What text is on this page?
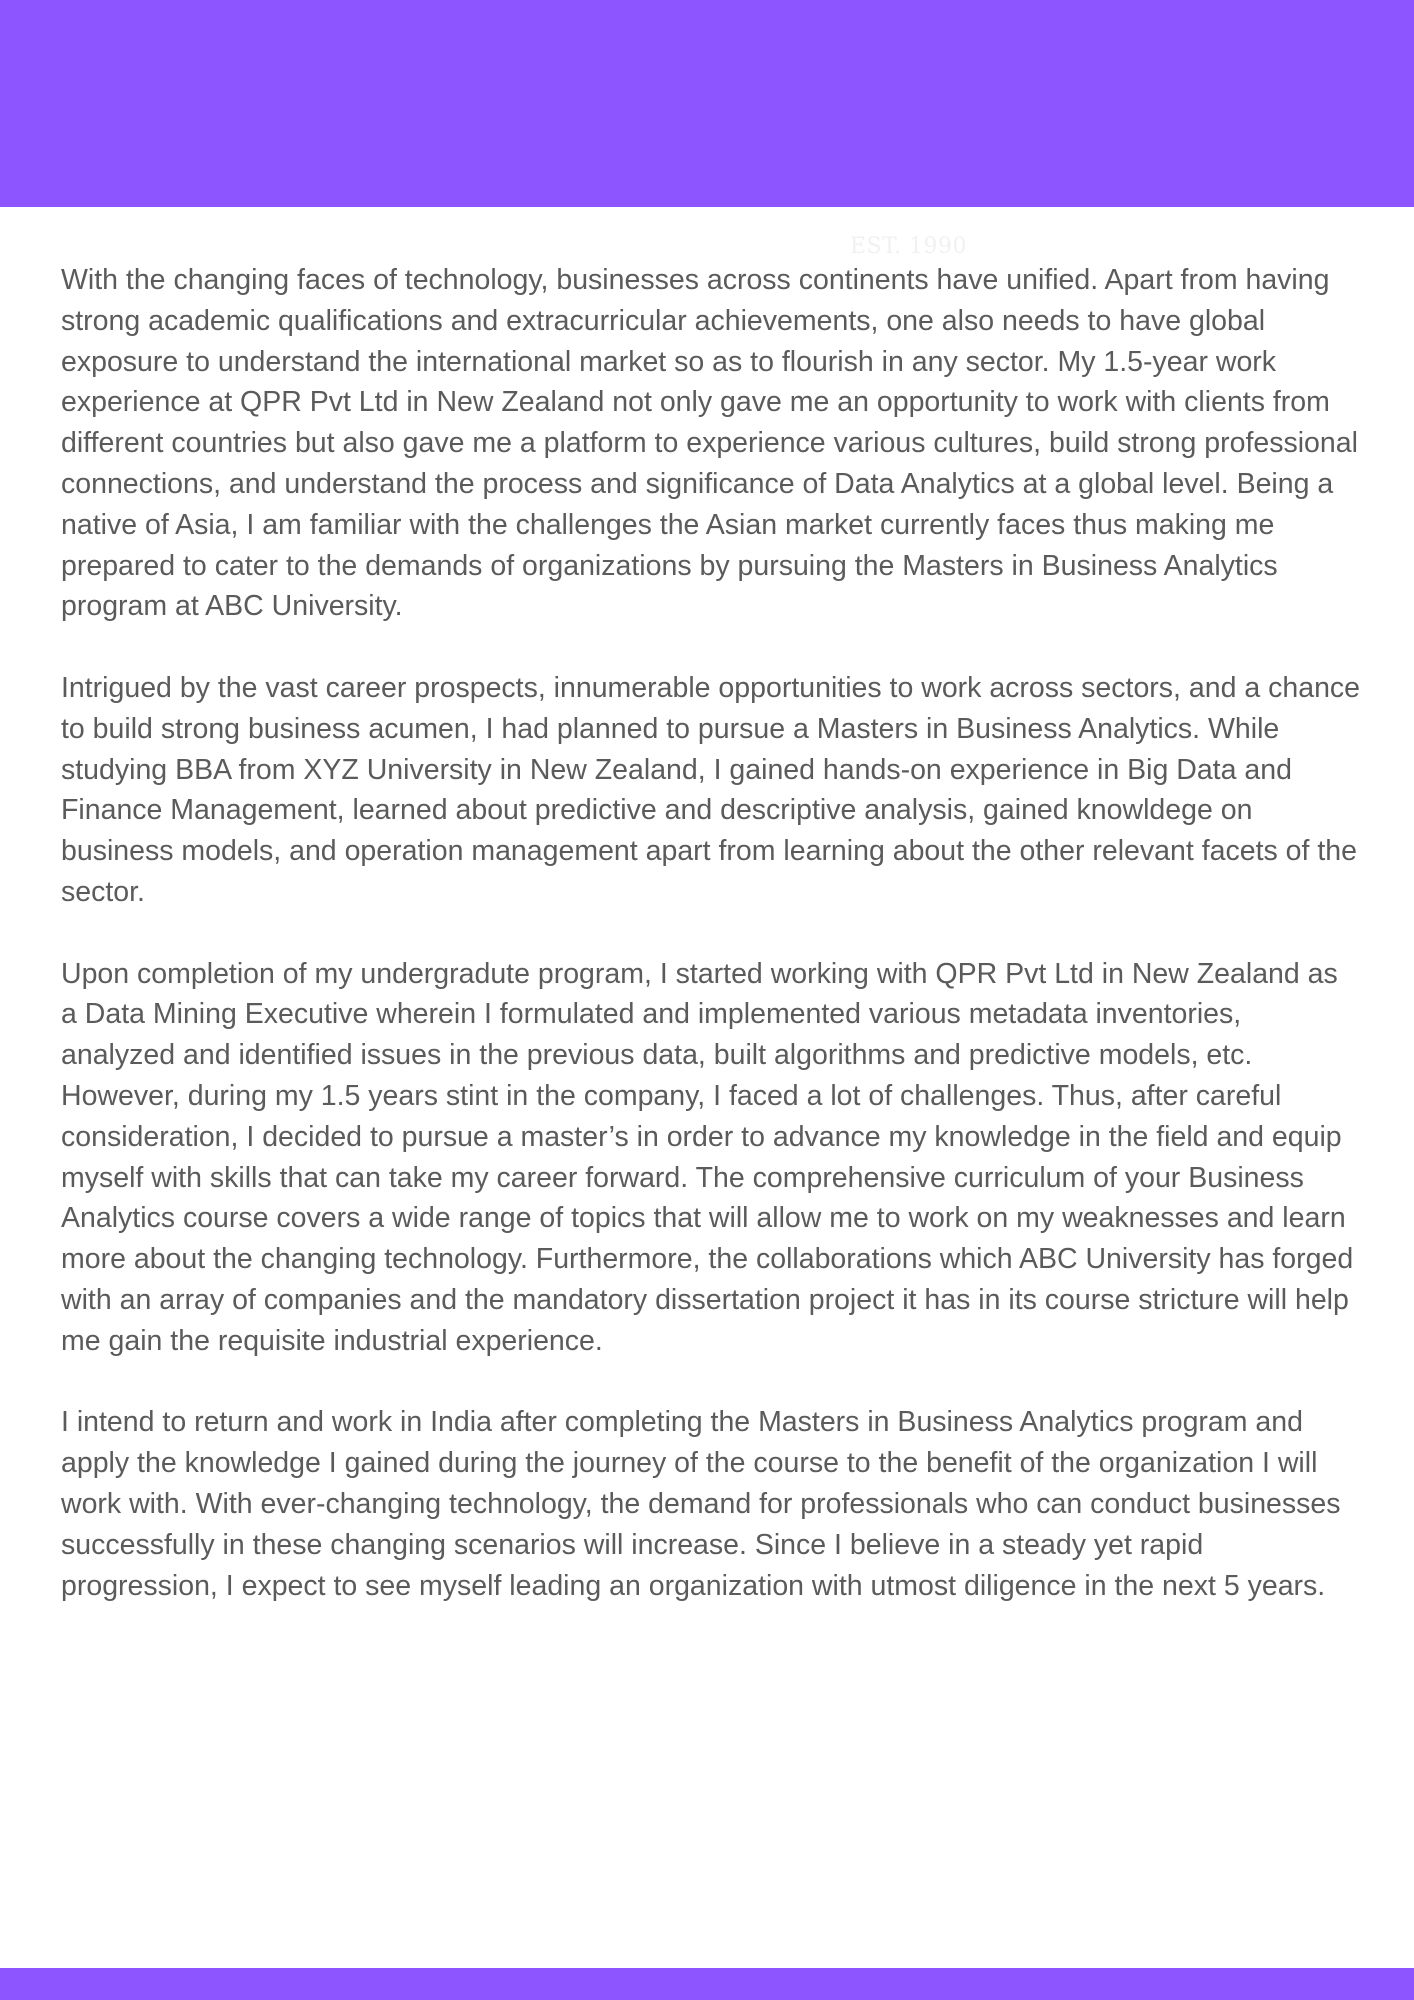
EST. 1990

With the changing faces of technology, businesses across continents have unified. Apart from having strong academic qualifications and extracurricular achievements, one also needs to have global exposure to understand the international market so as to flourish in any sector. My 1.5-year work experience at QPR Pvt Ltd in New Zealand not only gave me an opportunity to work with clients from different countries but also gave me a platform to experience various cultures, build strong professional connections, and understand the process and significance of Data Analytics at a global level. Being a native of Asia, I am familiar with the challenges the Asian market currently faces thus making me prepared to cater to the demands of organizations by pursuing the Masters in Business Analytics program at ABC University.

Intrigued by the vast career prospects, innumerable opportunities to work across sectors, and a chance to build strong business acumen, I had planned to pursue a Masters in Business Analytics. While studying BBA from XYZ University in New Zealand, I gained hands-on experience in Big Data and Finance Management, learned about predictive and descriptive analysis, gained knowldege on business models, and operation management apart from learning about the other relevant facets of the sector.

Upon completion of my undergradute program, I started working with QPR Pvt Ltd in New Zealand as a Data Mining Executive wherein I formulated and implemented various metadata inventories, analyzed and identified issues in the previous data, built algorithms and predictive models, etc. However, during my 1.5 years stint in the company, I faced a lot of challenges. Thus, after careful consideration, I decided to pursue a master’s in order to advance my knowledge in the field and equip myself with skills that can take my career forward. The comprehensive curriculum of your Business Analytics course covers a wide range of topics that will allow me to work on my weaknesses and learn more about the changing technology. Furthermore, the collaborations which ABC University has forged with an array of companies and the mandatory dissertation project it has in its course stricture will help me gain the requisite industrial experience.

I intend to return and work in India after completing the Masters in Business Analytics program and apply the knowledge I gained during the journey of the course to the benefit of the organization I will work with. With ever-changing technology, the demand for professionals who can conduct businesses successfully in these changing scenarios will increase. Since I believe in a steady yet rapid progression, I expect to see myself leading an organization with utmost diligence in the next 5 years.
